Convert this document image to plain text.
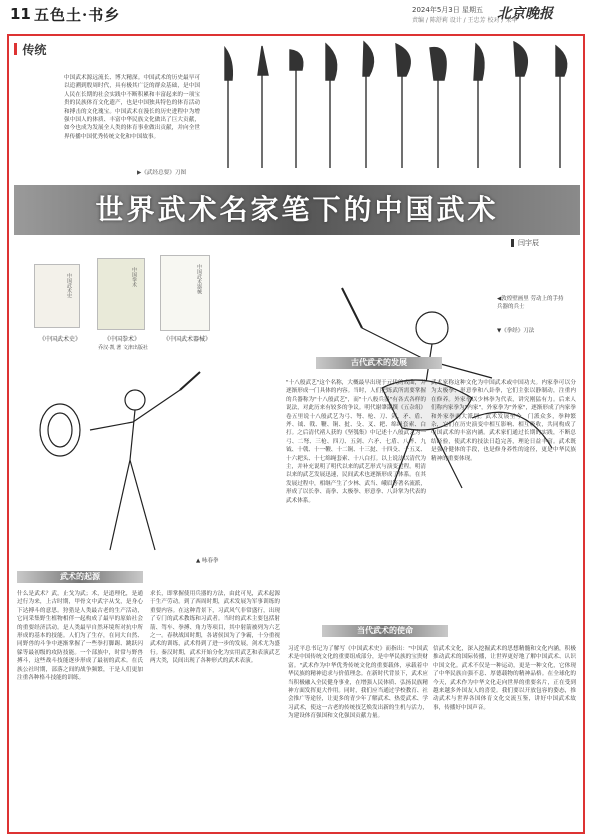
11 五色土·书乡	2024年5月3日 星期五
责编 / 陈舒莉 设计 / 王忠芳 校对 / 宋华
北京晚报
传统
中国武术源远流长、博大精深。中国武术的历史最早可以追溯到殷周时代，具有极其广泛的群众基础，是中国人民在长期的社会实践中不断积累和丰富起来的一项宝贵的民族体育文化遗产，也是中国独具特色的体育活动和搏击的文化瑰宝。中国武术在漫长的历史进程中为增强中国人的体质、丰富中华民族文化做出了巨大贡献，如今也成为发展全人类的体育事业做出贡献，并向全世界传播中国优秀传统文化和中国故事。
▶《武经总要》刀图
世界武术名家笔下的中国武术
闫宇辰
中国武术史	中国拳术	中国武术器械
《中国武术史》	《中国拳术》
乔汉·凯 著 文津出版社
《中国武术器械》
▲ 咏春拳
◀敦煌壁画里 劳动上的手持兵器的兵士
▼《拳经》刀法
古代武术的发展
"十八般武艺"这个名称，大概最早出现于元代的戏曲，并逐渐形成一门具体的内容。当时，人们把练武所需要掌握的兵器称为"十八般武艺"，而"十八般兵器"有各式各样的说法，对此历来有较多的争议。明代谢肇淛撰《五杂俎》卷五里说十八般武艺为弓、弩、枪、刀、剑、矛、盾、斧、钺、戟、鞭、锏、挝、殳、叉、耙、绵绳套索、白打。之后清代褚人获的《坚瓠集》中记述十八般武艺为一弓、二弩、三枪、四刀、五剑、六矛、七盾、八斧、九钺、十戟、十一鞭、十二锏、十三挝、十四殳、十五叉、十六耙头、十七绵绳套索、十八白打。以上说法以清代为主，并补充说明了明代以来的武艺形式与演变过程。明清以来的武艺发展迅速，民间武术也逐渐形成了体系。在其发展过程中，相继产生了少林、武当、峨眉等著名流派，形成了以长拳、南拳、太极拳、形意拳、八卦掌为代表的武术体系。
武术家称这种文化为中国武术或中国功夫。内家拳可以分为太极拳、形意拳和八卦拳，它们主张以静制动，注重内在修养。外家拳以少林拳为代表，讲究刚猛有力。后来人们称内家拳为"内家"，外家拳为"外家"，逐渐形成了内家拳和外家拳两大派别。武术发展至今，门派众多，拳种繁杂，它们在历史演变中相互影响、相互吸收，共同构成了中国武术的丰富内涵。武术家们通过长期的实践，不断总结经验，使武术的技法日趋完善，理论日益丰富。武术既是强身健体的手段，也是修身养性的途径，更是中华民族精神的重要体现。
武术的起源
什么是武术？武，止戈为武；术，是道理化，是通过行为来，上古时期，甲骨文中武字从戈，是身心下达搏斗的意思。狩猎是人类最古老的生产活动，它同采集野生植物相伴一起构成了最早的原始社会的重要经济活动。是人类最早自然环境所对抗中所形成的基本的技能。人们为了生存，在同大自然、同野兽的斗争中逐渐掌握了一些拳打脚踢、跳跃闪躲等最初级的攻防技能。一个部族中，时常与野兽搏斗，这些战斗技能逐步形成了最初的武术。在氏族公社时期，部落之间的战争频繁，于是人们更加注重各种格斗技能的训练。
求长，即掌握使用兵器的方法，由此可见，武术起源于生产劳动。到了西周时期，武术发展为军事训练的重要内容。在这种背景下，习武风气非常盛行，出现了专门的武术教练和习武者。当时的武术主要包括射箭、驾车、拳搏、角力等项目，其中射箭被列为六艺之一。春秋战国时期，各诸侯国为了争霸，十分重视武术的训练，武术得到了进一步的发展，剑术尤为盛行。秦汉时期，武术开始分化为实用武艺和表演武艺两大类，民间出现了各种形式的武术表演。
当代武术的使命
习近平总书记为了解写《中国武术史》而指出："中国武术是中国传统文化的重要组成部分，是中华民族的宝贵财富。"武术作为中华优秀传统文化的重要载体，承载着中华民族的精神追求与价值理念。在新时代背景下，武术应当积极融入全民健身事业，在增强人民体质、弘扬民族精神方面发挥更大作用。同时，我们应当通过学校教育、社会推广等途径，让更多的青少年了解武术、热爱武术、学习武术，使这一古老的传统技艺焕发出新的生机与活力，为建设体育强国和文化强国贡献力量。
信武术文化，深入挖掘武术的思想精髓和文化内涵，积极推动武术的国际传播，让世界更好地了解中国武术、认识中国文化。武术不仅是一种运动，更是一种文化，它体现了中华民族自强不息、厚德载物的精神品格。在全球化的今天，武术作为中华文化走向世界的重要名片，正在受到越来越多外国友人的喜爱。我们要以开放包容的姿态，推动武术与世界各国体育文化交流互鉴，讲好中国武术故事，传播好中国声音。
